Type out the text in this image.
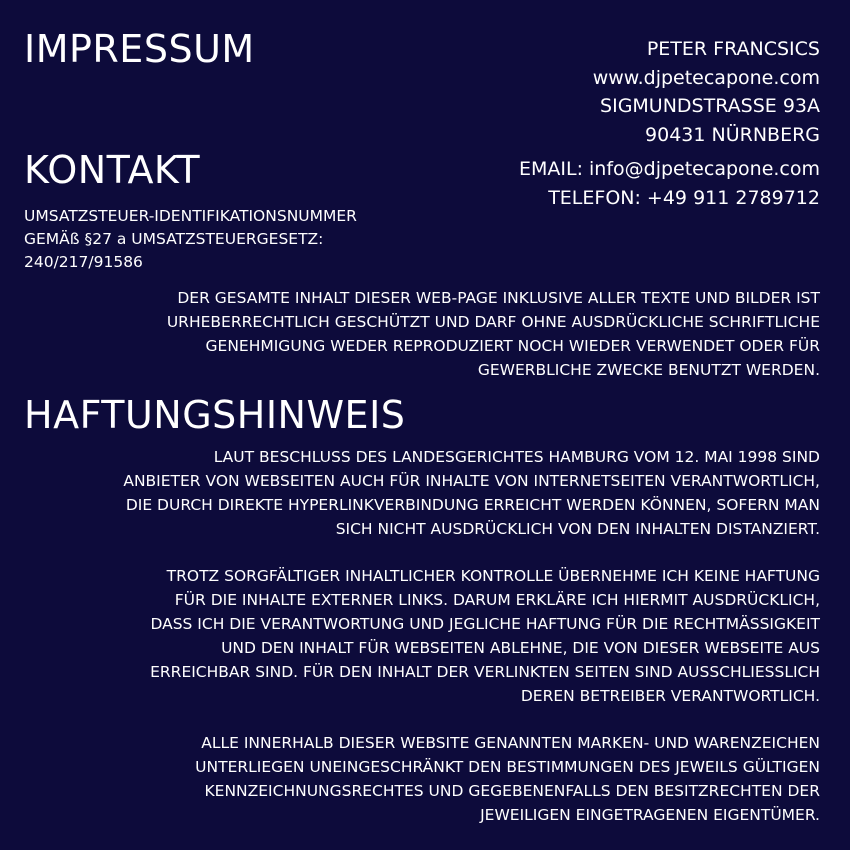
IMPRESSUM	PETER FRANCSICS
www.djpetecapone.com
SIGMUNDSTRASSE 93A
90431 NÜRNBERG
KONTAKT	EMAIL: info@djpetecapone.com
TELEFON: +49 911 2789712
UMSATZSTEUER-IDENTIFIKATIONSNUMMER
GEMÄß §27 a UMSATZSTEUERGESETZ:
240/217/91586
DER GESAMTE INHALT DIESER WEB-PAGE INKLUSIVE ALLER TEXTE UND BILDER IST
URHEBERRECHTLICH GESCHÜTZT UND DARF OHNE AUSDRÜCKLICHE SCHRIFTLICHE
GENEHMIGUNG WEDER REPRODUZIERT NOCH WIEDER VERWENDET ODER FÜR
GEWERBLICHE ZWECKE BENUTZT WERDEN.
HAFTUNGSHINWEIS
LAUT BESCHLUSS DES LANDESGERICHTES HAMBURG VOM 12. MAI 1998 SIND
ANBIETER VON WEBSEITEN AUCH FÜR INHALTE VON INTERNETSEITEN VERANTWORTLICH,
DIE DURCH DIREKTE HYPERLINKVERBINDUNG ERREICHT WERDEN KÖNNEN, SOFERN MAN
SICH NICHT AUSDRÜCKLICH VON DEN INHALTEN DISTANZIERT.
TROTZ SORGFÄLTIGER INHALTLICHER KONTROLLE ÜBERNEHME ICH KEINE HAFTUNG
FÜR DIE INHALTE EXTERNER LINKS. DARUM ERKLÄRE ICH HIERMIT AUSDRÜCKLICH,
DASS ICH DIE VERANTWORTUNG UND JEGLICHE HAFTUNG FÜR DIE RECHTMÄSSIGKEIT
UND DEN INHALT FÜR WEBSEITEN ABLEHNE, DIE VON DIESER WEBSEITE AUS
ERREICHBAR SIND. FÜR DEN INHALT DER VERLINKTEN SEITEN SIND AUSSCHLIESSLICH
DEREN BETREIBER VERANTWORTLICH.
ALLE INNERHALB DIESER WEBSITE GENANNTEN MARKEN- UND WARENZEICHEN
UNTERLIEGEN UNEINGESCHRÄNKT DEN BESTIMMUNGEN DES JEWEILS GÜLTIGEN
KENNZEICHNUNGSRECHTES UND GEGEBENENFALLS DEN BESITZRECHTEN DER
JEWEILIGEN EINGETRAGENEN EIGENTÜMER.
